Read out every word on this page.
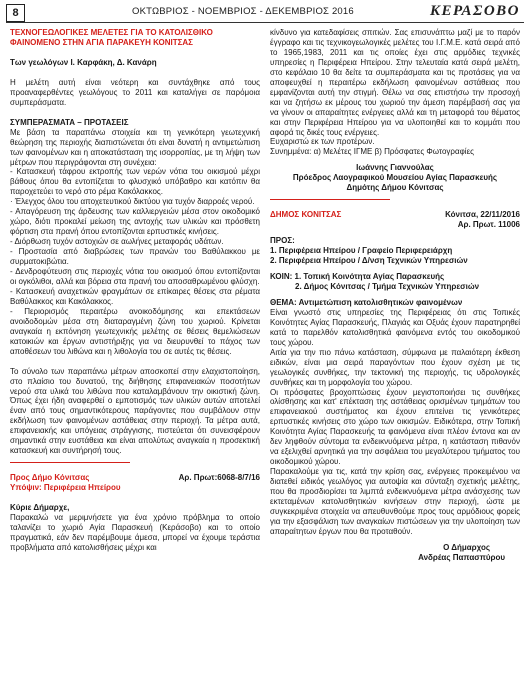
8	ΟΚΤΩΒΡΙΟΣ - ΝΟΕΜΒΡΙΟΣ - ΔΕΚΕΜΒΡΙΟΣ 2016	ΚΕΡΑΣΟΒΟ

ΤΕΧΝΟΓΕΩΛΟΓΙΚΕΣ ΜΕΛΕΤΕΣ ΓΙΑ ΤΟ ΚΑΤΟΛΙΣΘΙΚΟ

ΦΑΙΝΟΜΕΝΟ ΣΤΗΝ ΑΓΙΑ ΠΑΡΑΚΕΥΗ ΚΟΝΙΤΣΑΣ

Των γεωλόγων Ι. Καρφάκη, Δ. Κανάρη

Η μελέτη αυτή είναι νεότερη και συντάχθηκε από τους προαναφερθέντες γεωλόγους το 2011 και καταλήγει σε παρόμοια συμπεράσματα.

ΣΥΜΠΕΡΑΣΜΑΤΑ – ΠΡΟΤΑΣΕΙΣ

Με βάση τα παραπάνω στοιχεία και τη γενικότερη γεωτεχνική θεώρηση της περιοχής διαπιστώνεται ότι είναι δυνατή η αντιμετώπιση των φαινομένων και η αποκατάσταση της ισορροπίας, με τη λήψη των μέτρων που περιγράφονται στη συνέχεια:

- Κατασκευή τάφρου εκτροπής των νερών νότια του οικισμού μέχρι βάθους όπου θα εντοπίζεται το φλυσχικό υπόβαθρο και κατόπιν θα παροχετεύει το νερό στο ρέμα Κακόλακκος.

· Έλεγχος όλου του αποχετευτικού δικτύου για τυχόν διαρροές νερού.

- Απαγόρευση της άρδευσης των καλλιεργειών μέσα στον οικοδομικό χώρο, διότι προκαλεί μείωση της αντοχής των υλικών και πρόσθετη φόρτιση στα πρανή όπου εντοπίζονται ερπυστικές κινήσεις.

- Διόρθωση τυχόν αστοχιών σε αωλήνες μεταφοράς υδάτων.

- Προστασία από διαβρώσεις των πρανών του Βαθύλακκου με συρματοκιβώτια.

- Δενδροφύτευση στις περιοχές νότια του οικισμού όπου εντοπίζονται οι ογκόλιθοι, αλλά και βόρεια στα πρανή του αποσαθρωμένου φλύσχη.

- Κατασκευή αναχετικών φραγμάτων σε επίκαιρες θέσεις στα ρέματα Βαθύλακκος και Κακόλακκος.

- Περιορισμός περαιτέρω ανοικοδόμησης και επεκτάσεων ανοιδοδομών μέσα στη διαταραγμένη ζώνη του χωριού. Κρίνεται αναγκαία η εκπόνηση γεωτεχνικής μελέτης σε θέσεις θεμελιώσεων κατοικιών και έργων αντιστήριξης για να διευρυνθεί το πάχος των αποθέσεων του λιθώνα και η λιθολογία του σε αυτές τις θέσεις.

Το σύνολο των παραπάνω μέτρων αποσκοπεί στην ελαχιστοποίηση, στο πλαίσιο του δυνατού, της διήθησης επιφανειακών ποσοτήτων νερού στα υλικά του λιθώνα που καταλαμβάνουν την οικιστική ζώνη. Όπως έχει ήδη αναφερθεί ο εμποτισμός των υλικών αυτών αποτελεί έναν από τους σημαντικότερους παράγοντες που συμβάλουν στην εκδήλωση των φαινομένων αστάθειας στην περιοχή. Τα μέτρα αυτά, επιφανειακής και υπόγειας στράγγισης, πιστεύεται ότι συνεισφέρουν σημαντικά στην ευστάθεια και είναι απολύτως αναγκαία η προσεκτική κατασκευή και συντήρησή τους.

Προς Δήμο Κόνιτσας	Αρ. Πρωτ:6068-8/7/16

Υπόψιν: Περιφέρεια Ηπείρου

Κύριε Δήμαρχε,

Παρακαλώ να μεριμνήσετε για ένα χρόνιο πρόβλημα το οποίο ταλανίζει το χωριό Αγία Παρασκευή (Κεράσοβο) και το οποίο πραγματικά, εάν δεν παρέμβουμε άμεσα, μπορεί να έχουμε τεράστια προβλήματα από κατολισθήσεις μέχρι και

κίνδυνο για κατεδαφίσεις σπιτιών. Σας επισυνάπτω μαζί με το παρόν έγγραφο και τις τεχνικογεωλογικές μελέτες του Ι.Γ.Μ.Ε. κατά σειρά από το 1965,1983, 2011 και τις οποίες έχει στις αρμόδιες τεχνικές υπηρεσίες η Περιφέρεια Ηπείρου. Στην τελευταία κατά σειρά μελέτη, στο κεφάλαιο 10 θα δείτε τα συμπεράσματα και τις προτάσεις για να αποφευχθεί η περαιτέρω εκδήλωση φαινομένων αστάθειας που εμφανίζονται αυτή την στιγμή. Θέλω να σας επιστήσω την προσοχή και να ζητήσω εκ μέρους του χωριού την άμεση παρέμβασή σας για να γίνουν οι απαραίτητες ενέργειες αλλά και τη μεταφορά του θέματος και στην Περιφέρεια Ηπείρου για να υλοποιηθεί και το κομμάτι που αφορά τις δικές τους ενέργειες.

Ευχαριστώ εκ των προτέρων.

Συνημμένα: α) Μελέτες ΙΓΜΕ β) Πρόσφατες Φωτογραφίες

Ιωάννης Γιαννούλας

Πρόεδρος Λαογραφικού Μουσείου Αγίας Παρασκευής

Δημότης Δήμου Κόνιτσας

ΔΗΜΟΣ ΚΟΝΙΤΣΑΣ	Κόνιτσα, 22/11/2016

Αρ. Πρωτ. 11006

ΠΡΟΣ:

1. Περιφέρεια Ηπείρου / Γραφείο Περιφερειάρχη

2. Περιφέρεια Ηπείρου / Δ/νση Τεχνικών Υπηρεσιών

ΚΟΙΝ: 1. Τοπική Κοινότητα Αγίας Παρασκευής

2. Δήμος Κόνιτσας / Τμήμα Τεχνικών Υπηρεσιών

ΘΕΜΑ: Αντιμετώπιση κατολισθητικών φαινομένων

Είναι γνωστό στις υπηρεσίες της Περιφέρειας ότι στις Τοπικές Κοινότητες Αγίας Παρασκευής, Πλαγιάς και Οξυάς έχουν παρατηρηθεί κατά το παρελθόν κατολισθητικά φαινόμενα εντός του οικοδομικού τους χώρου.

Αιτία για την πιο πάνω κατάσταση, σύμφωνα με παλαιότερη έκθεση ειδικών, είναι μια σειρά παραγόντων που έχουν σχέση με τις γεωλογικές συνθήκες, την τεκτονική της περιοχής, τις υδρολογικές συνθήκες και τη μορφολογία του χώρου.

Οι πρόσφατες βροχοπτώσεις έχουν μεγιστοποιήσει τις συνθήκες ολίσθησης και κατ' επέκταση της αστάθειας ορισμένων τμημάτων του επιφανειακού συστήματος και έχουν επιτείνει τις γενικότερες ερπυστικές κινήσεις στο χώρο των οικισμών. Ειδικότερα, στην Τοπική Κοινότητα Αγίας Παρασκευής τα φαινόμενα είναι πλέον έντονα και αν δεν ληφθούν σύντομα τα ενδεικνυόμενα μέτρα, η κατάσταση πιθανόν να εξελιχθεί αρνητικά για την ασφάλεια του μεγαλύτερου τμήματος του οικοδομικού χώρου.

Παρακαλούμε για τις, κατά την κρίση σας, ενέργειες προκειμένου να διατεθεί ειδικός γεωλόγος για αυτοψία και σύνταξη σχετικής μελέτης, που θα προσδιορίσει τα λιμπτά ενδεικνυόμενα μέτρα ανάσχεσης των εκτεταμένων κατολισθητικών κινήσεων στην περιοχή, ώστε με συγκεκριμένα στοιχεία να απευθυνθούμε προς τους αρμόδιους φορείς για την εξασφάλιση των αναγκαίων πιστώσεων για την υλοποίηση των απαραίτητων έργων που θα προταθούν.

Ο Δήμαρχος

Ανδρέας Παπασπύρου
